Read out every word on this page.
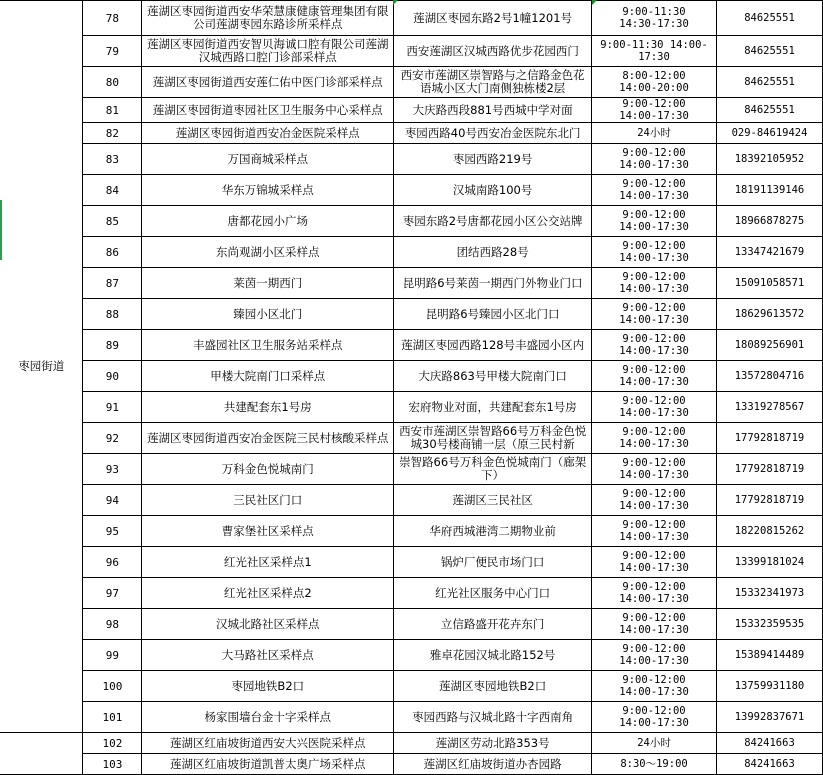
枣园街道	78	莲湖区枣园街道西安华荣慧康健康管理集团有限公司莲湖枣园东路诊所采样点	莲湖区枣园东路2号1幢1201号	9:00-11:30
14:30-17:30	84625551
	79	莲湖区枣园街道西安智贝海诚口腔有限公司莲湖汉城西路口腔门诊部采样点	西安莲湖区汉城西路优步花园西门	9:00-11:30 14:00-
17:30	84625551
	80	莲湖区枣园街道西安莲仁佑中医门诊部采样点	西安市莲湖区崇智路与之信路金色花语城小区大门南侧独栋楼2层	8:00-12:00
14:00-20:00	84625551
	81	莲湖区枣园街道枣园社区卫生服务中心采样点	大庆路西段881号西城中学对面	9:00-12:00
14:00-17:30	84625551
	82	莲湖区枣园街道西安冶金医院采样点	枣园西路40号西安冶金医院东北门	24小时	029-84619424
	83	万国商城采样点	枣园西路219号	9:00-12:00
14:00-17:30	18392105952
	84	华东万锦城采样点	汉城南路100号	9:00-12:00
14:00-17:30	18191139146
	85	唐都花园小广场	枣园东路2号唐都花园小区公交站牌	9:00-12:00
14:00-17:30	18966878275
	86	东尚观湖小区采样点	团结西路28号	9:00-12:00
14:00-17:30	13347421679
	87	莱茵一期西门	昆明路6号莱茵一期西门外物业门口	9:00-12:00
14:00-17:30	15091058571
	88	臻园小区北门	昆明路6号臻园小区北门口	9:00-12:00
14:00-17:30	18629613572
	89	丰盛园社区卫生服务站采样点	莲湖区枣园西路128号丰盛园小区内	9:00-12:00
14:00-17:30	18089256901
	90	甲楼大院南门口采样点	大庆路863号甲楼大院南门口	9:00-12:00
14:00-17:30	13572804716
	91	共建配套东1号房	宏府物业对面，共建配套东1号房	9:00-12:00
14:00-17:30	13319278567
	92	莲湖区枣园街道西安冶金医院三民村核酸采样点	西安市莲湖区崇智路66号万科金色悦城30号楼商铺一层（原三民村新	9:00-12:00
14:00-17:30	17792818719
	93	万科金色悦城南门	崇智路66号万科金色悦城南门（廊架下）	9:00-12:00
14:00-17:30	17792818719
	94	三民社区门口	莲湖区三民社区	9:00-12:00
14:00-17:30	17792818719
	95	曹家堡社区采样点	华府西城港湾二期物业前	9:00-12:00
14:00-17:30	18220815262
	96	红光社区采样点1	锅炉厂便民市场门口	9:00-12:00
14:00-17:30	13399181024
	97	红光社区采样点2	红光社区服务中心门口	9:00-12:00
14:00-17:30	15332341973
	98	汉城北路社区采样点	立信路盛开花卉东门	9:00-12:00
14:00-17:30	15332359535
	99	大马路社区采样点	雅卓花园汉城北路152号	9:00-12:00
14:00-17:30	15389414489
	100	枣园地铁B2口	莲湖区枣园地铁B2口	9:00-12:00
14:00-17:30	13759931180
	101	杨家围墙台金十字采样点	枣园西路与汉城北路十字西南角	9:00-12:00
14:00-17:30	13992837671
	102	莲湖区红庙坡街道西安大兴医院采样点	莲湖区劳动北路353号	24小时	84241663
	103	莲湖区红庙坡街道凯普太奥广场采样点	莲湖区红庙坡街道办杏园路	8:30～19:00	84241663
